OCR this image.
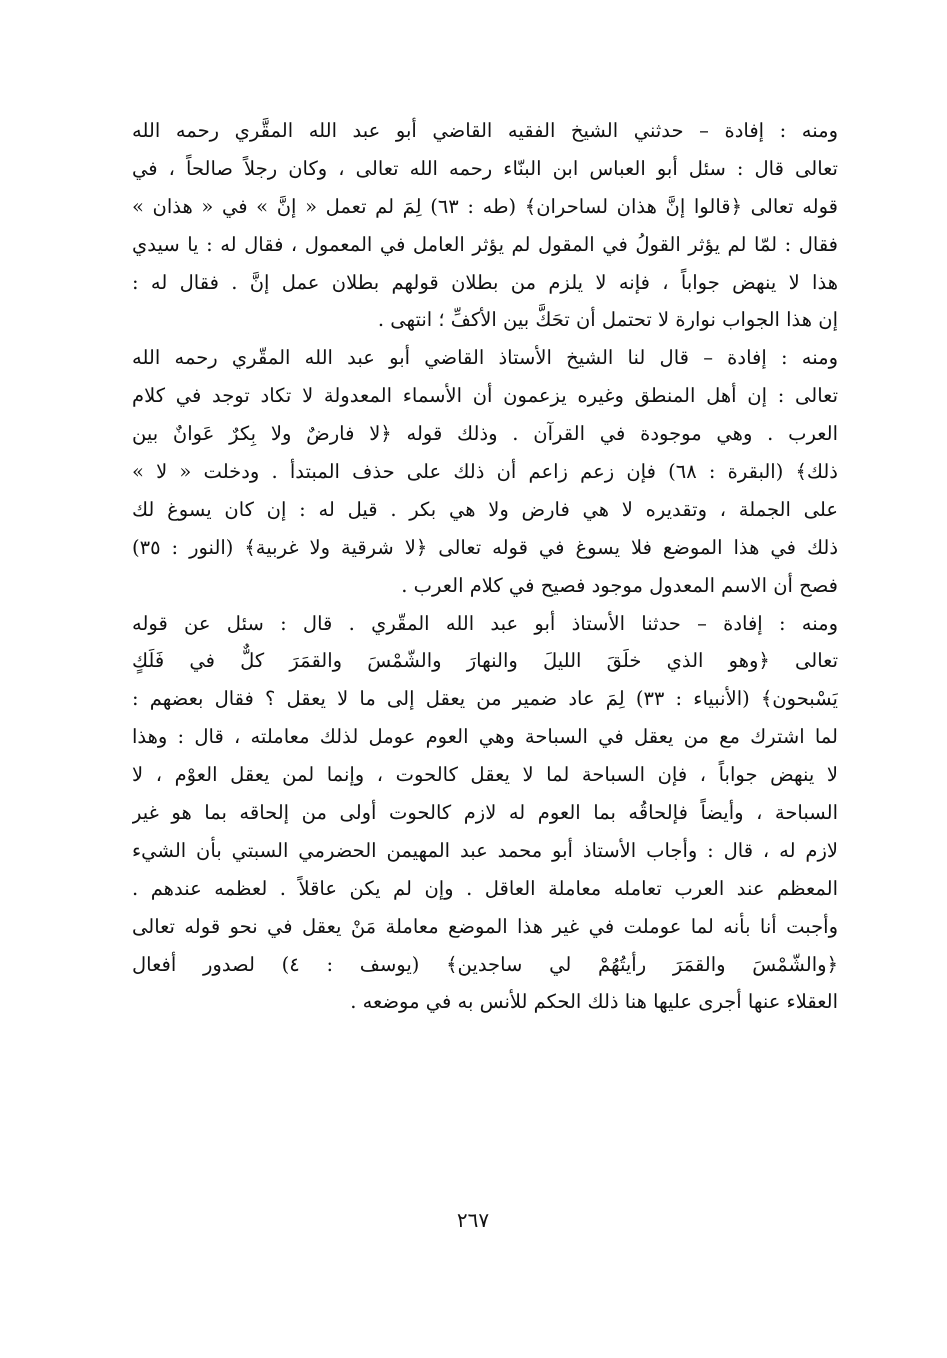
ومنه : إفادة – حدثني الشيخ الفقيه القاضي أبو عبد الله المقَّري رحمه الله
تعالى قال : سئل أبو العباس ابن البنّاء رحمه الله تعالى ، وكان رجلاً صالحاً ، في
قوله تعالى ﴿قالوا إنَّ هذان لساحران﴾ (طه : ٦٣) لِمَ لم تعمل « إنَّ » في « هذان »
فقال : لمّا لم يؤثر القولُ في المقول لم يؤثر العامل في المعمول ، فقال له : يا سيدي
هذا لا ينهض جواباً ، فإنه لا يلزم من بطلان قولهم بطلان عمل إنَّ . فقال له :
إن هذا الجواب نوارة لا تحتمل أن تحَكَّ بين الأكفِّ ؛ انتهى .
ومنه : إفادة – قال لنا الشيخ الأستاذ القاضي أبو عبد الله المقّري رحمه الله
تعالى : إن أهل المنطق وغيره يزعمون أن الأسماء المعدولة لا تكاد توجد في كلام
العرب . وهي موجودة في القرآن . وذلك قوله ﴿لا فارضٌ ولا بِكرٌ عَوانٌ بين
ذلك﴾ (البقرة : ٦٨) فإن زعم زاعم أن ذلك على حذف المبتدأ . ودخلت « لا »
على الجملة ، وتقديره لا هي فارض ولا هي بكر . قيل له : إن كان يسوغ لك
ذلك في هذا الموضع فلا يسوغ في قوله تعالى ﴿لا شرقية ولا غربية﴾ (النور : ٣٥)
فصح أن الاسم المعدول موجود فصيح في كلام العرب .
ومنه : إفادة – حدثنا الأستاذ أبو عبد الله المقّري . قال : سئل عن قوله
تعالى ﴿وهو الذي خلَقَ الليلَ والنهارَ والشّمْسَ والقمَرَ كلٌّ في فَلَكٍ
يَسْبحون﴾ (الأنبياء : ٣٣) لِمَ عاد ضمير من يعقل إلى ما لا يعقل ؟ فقال بعضهم :
لما اشترك مع من يعقل في السباحة وهي العوم عومل لذلك معاملته ، قال : وهذا
لا ينهض جواباً ، فإن السباحة لما لا يعقل كالحوت ، وإنما لمن يعقل العوْم ، لا
السباحة ، وأيضاً فإلحاقُه بما العوم له لازم كالحوت أولى من إلحاقه بما هو غير
لازم له ، قال : وأجاب الأستاذ أبو محمد عبد المهيمن الحضرمي السبتي بأن الشيء
المعظم عند العرب تعامله معاملة العاقل . وإن لم يكن عاقلاً . لعظمه عندهم .
وأجبت أنا بأنه لما عوملت في غير هذا الموضع معاملة مَنْ يعقل في نحو قوله تعالى
﴿والشّمْسَ والقمَرَ رأيتُهُمْ لي ساجدين﴾ (يوسف : ٤) لصدور أفعال
العقلاء عنها أجرى عليها هنا ذلك الحكم للأنس به في موضعه .
٢٦٧
